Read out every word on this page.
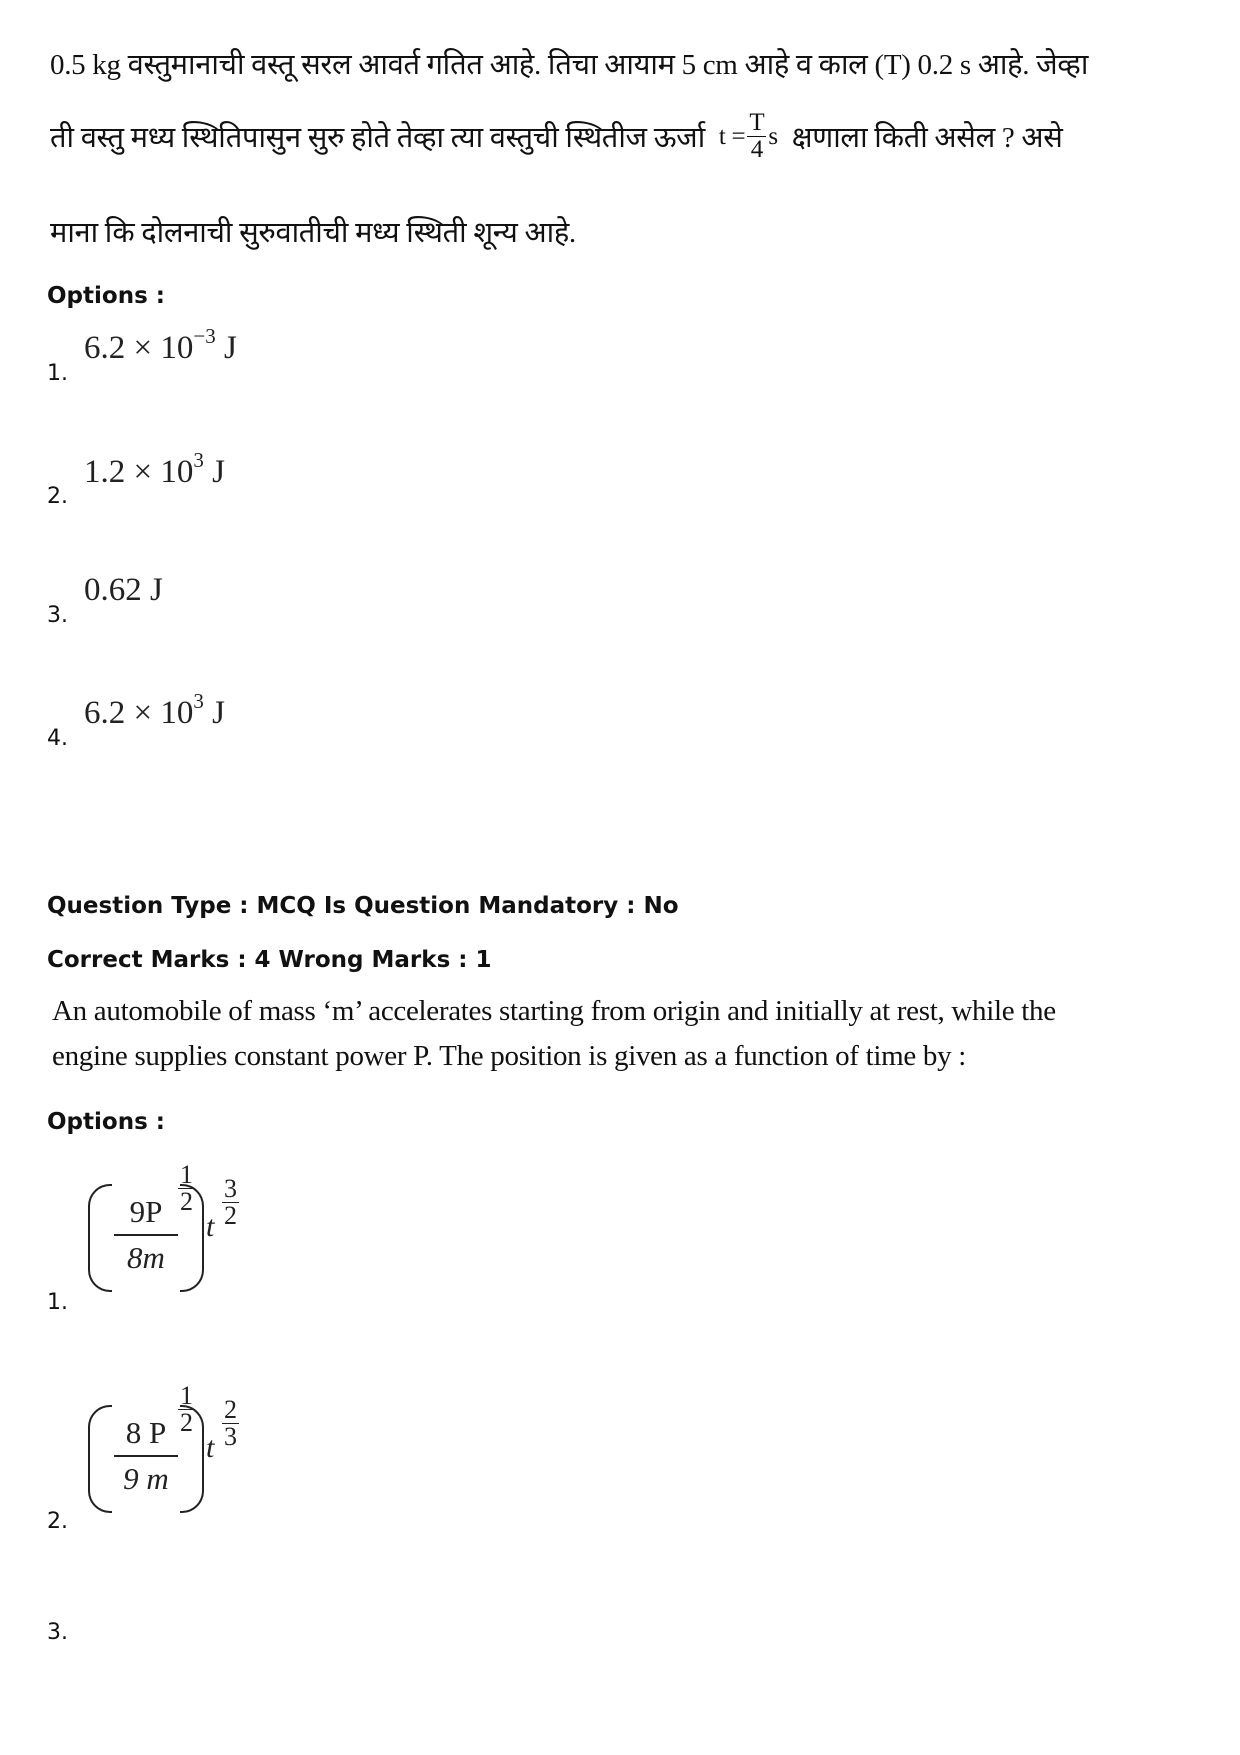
0.5 kg वस्तुमानाची वस्तू सरल आवर्त गतित आहे. तिचा आयाम 5 cm आहे व काल (T) 0.2 s आहे. जेव्हा
ती वस्तु मध्य स्थितिपासुन सुरु होते तेव्हा त्या वस्तुची स्थितीज ऊर्जा $t = \frac{T}{4}$ s क्षणाला किती असेल ? असे
माना कि दोलनाची सुरुवातीची मध्य स्थिती शून्य आहे.
Options :
1.
$6.2 \times 10^{-3}$ J
2.
$1.2 \times 10^3$ J
3.
0.62 J
4.
$6.2 \times 10^3$ J
Question Type : MCQ Is Question Mandatory : No
Correct Marks : 4 Wrong Marks : 1
An automobile of mass ‘m’ accelerates starting from origin and initially at rest, while the
engine supplies constant power P. The position is given as a function of time by :
Options :
1.
$\frac{9P}{8m}$
$\frac{1}{2}$
t $\frac{3}{2}$
2.
$\frac{8 P}{9 m}$
$\frac{1}{2}$
t $\frac{2}{3}$
3.
